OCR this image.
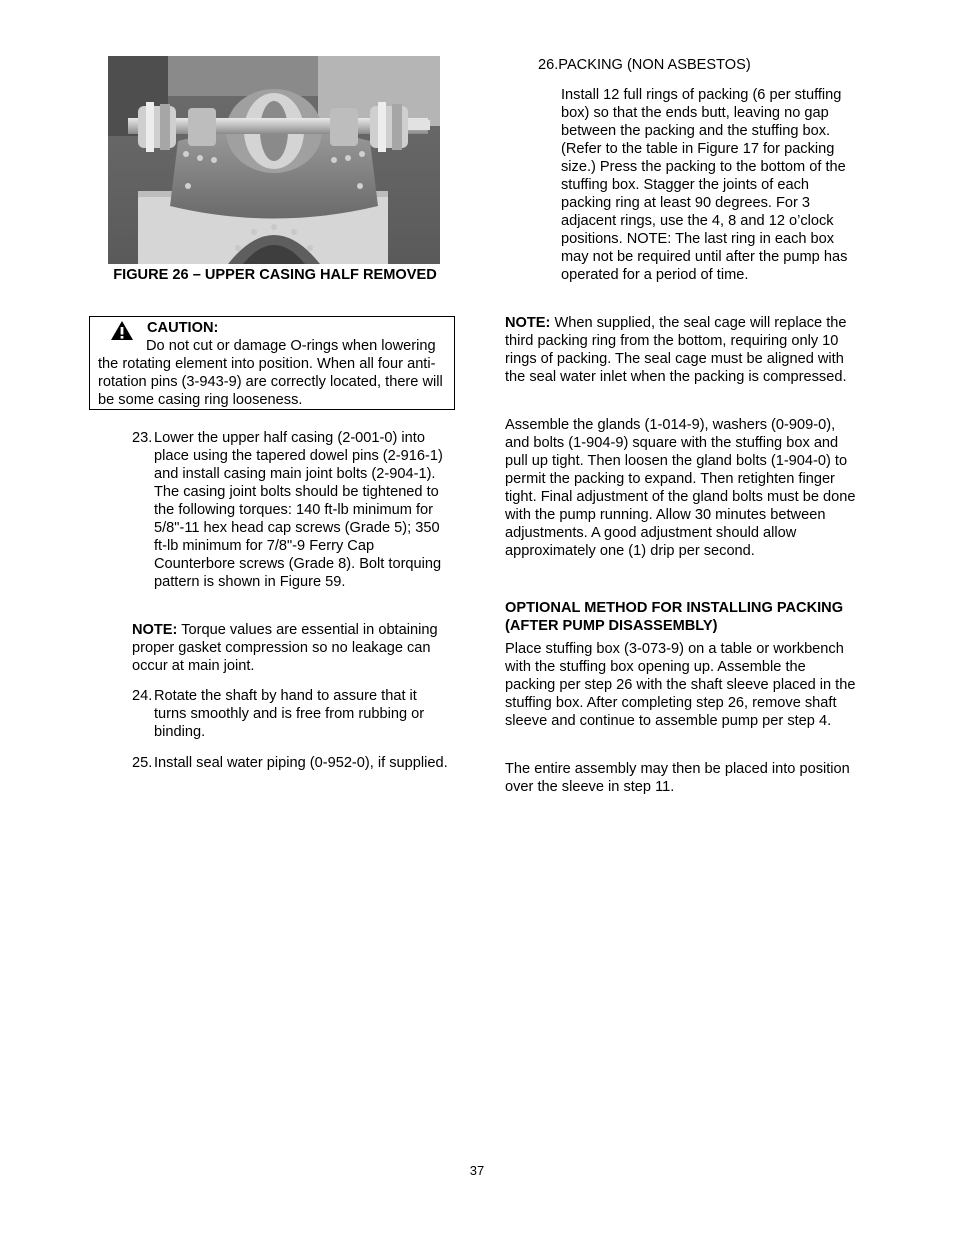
FIGURE 26 – UPPER CASING HALF REMOVED
CAUTION:

Do not cut or damage O-rings when lowering the rotating element into position. When all four anti-rotation pins (3-943-9) are correctly located, there will be some casing ring looseness.

23. Lower the upper half casing (2-001-0) into place using the tapered dowel pins (2-916-1) and install casing main joint bolts (2-904-1). The casing joint bolts should be tightened to the following torques: 140 ft-lb minimum for 5/8"-11 hex head cap screws (Grade 5); 350 ft-lb minimum for 7/8"-9 Ferry Cap Counterbore screws (Grade 8). Bolt torquing pattern is shown in Figure 59.

NOTE: Torque values are essential in obtaining proper gasket compression so no leakage can occur at main joint.

24. Rotate the shaft by hand to assure that it turns smoothly and is free from rubbing or binding.
25. Install seal water piping (0-952-0), if supplied.

26.PACKING (NON ASBESTOS)

Install 12 full rings of packing (6 per stuffing box) so that the ends butt, leaving no gap between the packing and the stuffing box. (Refer to the table in Figure 17 for packing size.) Press the packing to the bottom of the stuffing box. Stagger the joints of each packing ring at least 90 degrees. For 3 adjacent rings, use the 4, 8 and 12 o’clock positions. NOTE: The last ring in each box may not be required until after the pump has operated for a period of time.

NOTE: When supplied, the seal cage will replace the third packing ring from the bottom, requiring only 10 rings of packing. The seal cage must be aligned with the seal water inlet when the packing is compressed.

Assemble the glands (1-014-9), washers (0-909-0), and bolts (1-904-9) square with the stuffing box and pull up tight. Then loosen the gland bolts (1-904-0) to permit the packing to expand. Then retighten finger tight. Final adjustment of the gland bolts must be done with the pump running. Allow 30 minutes between adjustments. A good adjustment should allow approximately one (1) drip per second.

OPTIONAL METHOD FOR INSTALLING PACKING (AFTER PUMP DISASSEMBLY)

Place stuffing box (3-073-9) on a table or workbench with the stuffing box opening up. Assemble the packing per step 26 with the shaft sleeve placed in the stuffing box. After completing step 26, remove shaft sleeve and continue to assemble pump per step 4.

The entire assembly may then be placed into position over the sleeve in step 11.

37
